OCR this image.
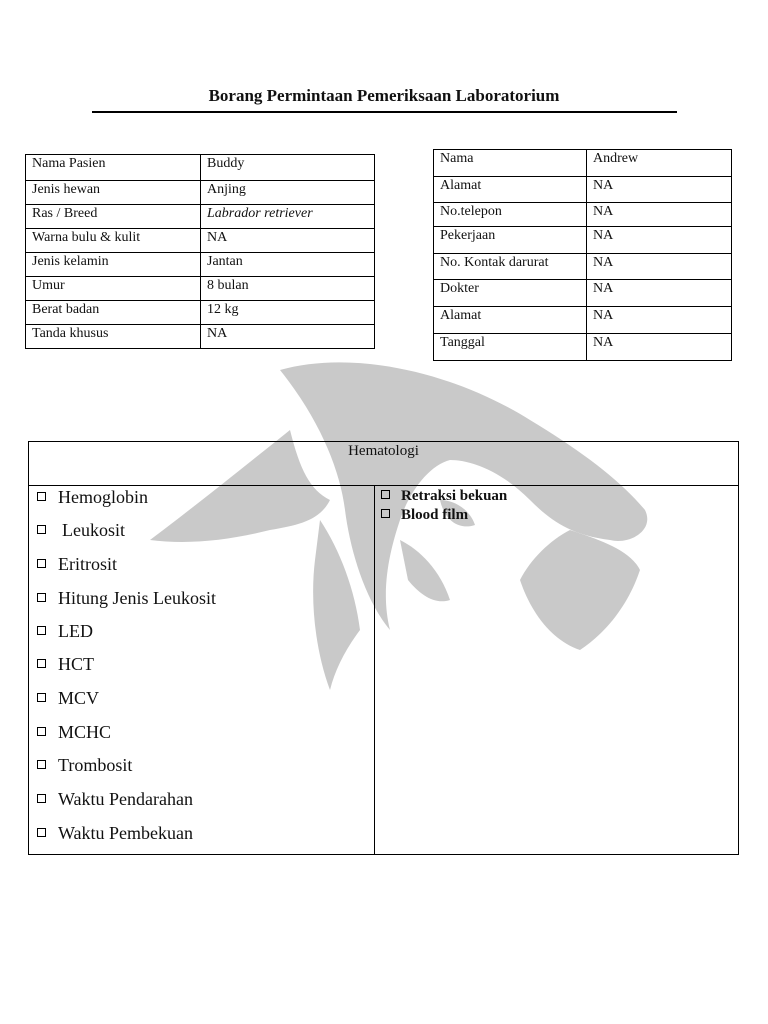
Borang Permintaan Pemeriksaan Laboratorium
Nama Pasien	Buddy
Jenis hewan	Anjing
Ras / Breed	Labrador retriever
Warna bulu & kulit	NA
Jenis kelamin	Jantan
Umur	8 bulan
Berat badan	12 kg
Tanda khusus	NA
Nama	Andrew
Alamat	NA
No.telepon	NA
Pekerjaan	NA
No. Kontak darurat	NA
Dokter	NA
Alamat	NA
Tanggal	NA
Hematologi
Hemoglobin
Leukosit
Eritrosit
Hitung Jenis Leukosit
LED
HCT
MCV
MCHC
Trombosit
Waktu Pendarahan
Waktu Pembekuan
Retraksi bekuan
Blood film
